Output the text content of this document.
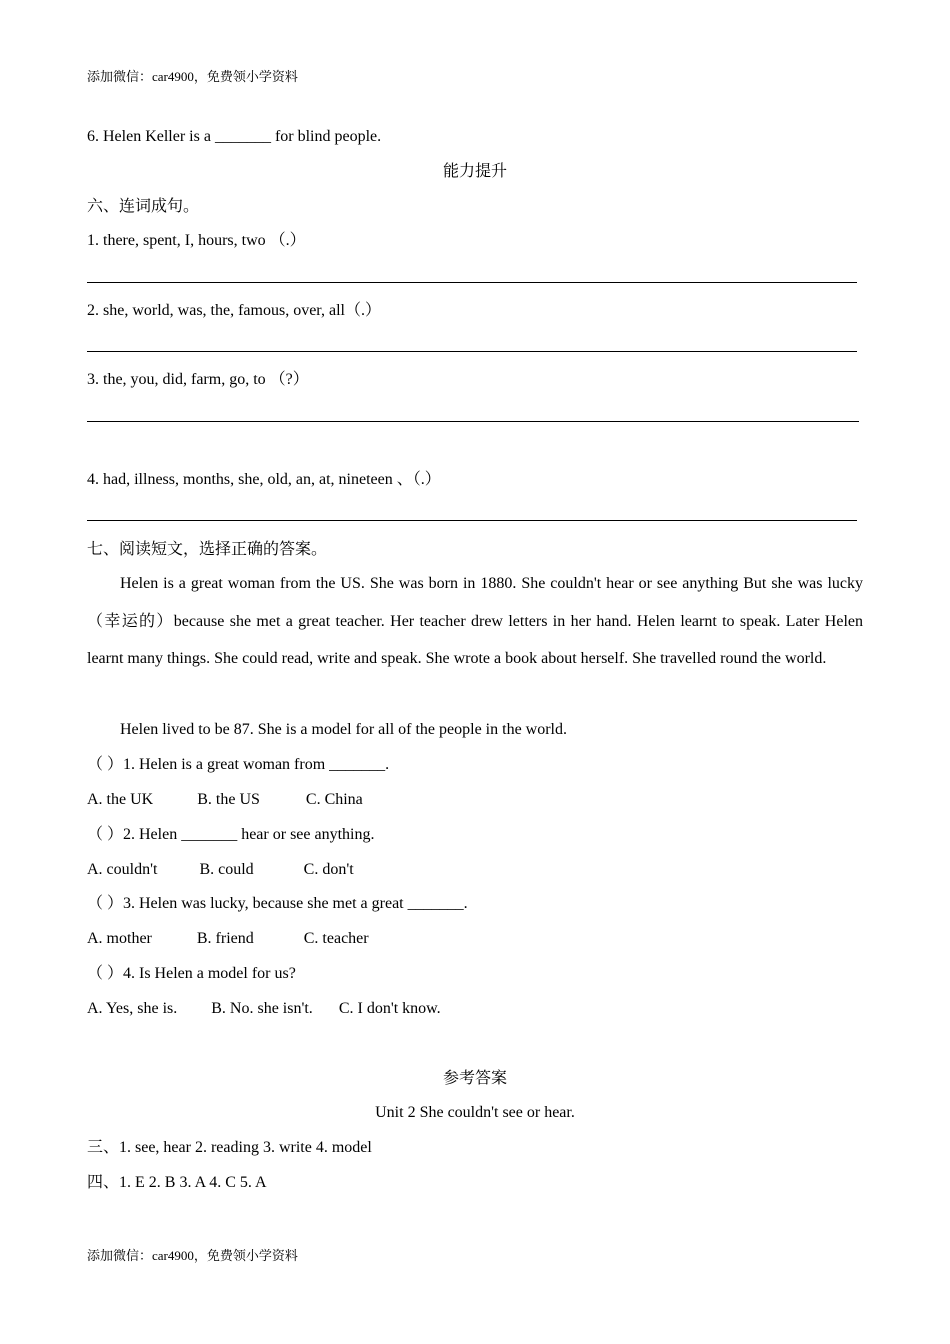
添加微信：car4900，免费领小学资料
6. Helen Keller is a _______ for blind people.
能力提升
六、连词成句。
1. there, spent, I, hours, two （.）
2. she, world, was, the, famous, over, all（.）
3. the, you, did, farm, go, to （?）
4. had, illness, months, she, old, an, at, nineteen 、（.）
七、阅读短文，选择正确的答案。
Helen is a great woman from the US. She was born in 1880. She couldn't hear or see anything But she was lucky（幸运的）because she met a great teacher. Her teacher drew letters in her hand. Helen learnt to speak. Later Helen learnt many things. She could read, write and speak. She wrote a book about herself. She travelled round the world.
Helen lived to be 87. She is a model for all of the people in the world.
（ ）1. Helen is a great woman from _______.
A. the UK	B. the US	C. China
（ ）2. Helen _______ hear or see anything.
A. couldn't	B. could	C. don't
（ ）3. Helen was lucky, because she met a great _______.
A. mother	B. friend	C. teacher
（ ）4. Is Helen a model for us?
A. Yes, she is. B. No. she isn't. C. I don't know.
参考答案
Unit 2 She couldn't see or hear.
三、1. see, hear 2. reading 3. write 4. model
四、1. E 2. B 3. A 4. C 5. A
添加微信：car4900，免费领小学资料
